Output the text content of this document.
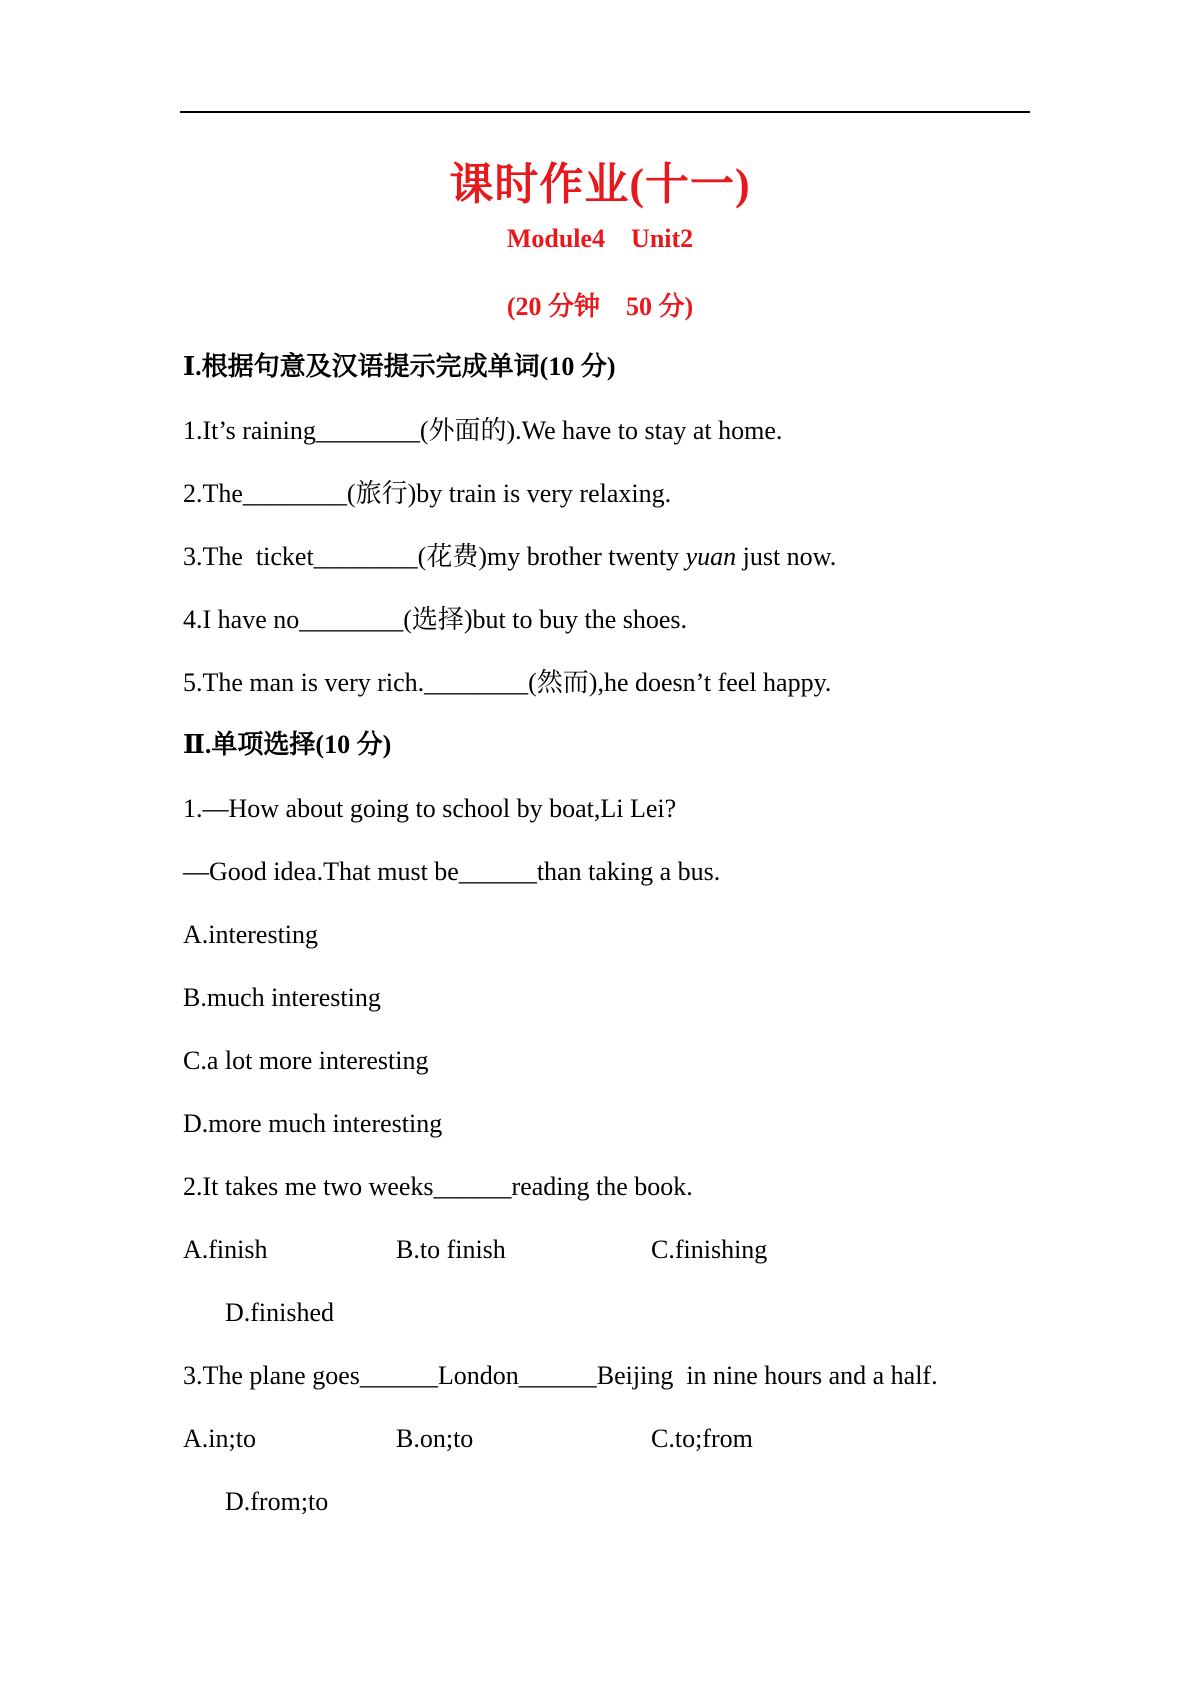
课时作业(十一)
Module4    Unit2
(20 分钟    50 分)
Ⅰ.根据句意及汉语提示完成单词(10 分)
1.It’s raining________(外面的).We have to stay at home.
2.The________(旅行)by train is very relaxing.
3.The  ticket________(花费)my brother twenty yuan just now.
4.I have no________(选择)but to buy the shoes.
5.The man is very rich.________(然而),he doesn’t feel happy.
Ⅱ.单项选择(10 分)
1.—How about going to school by boat,Li Lei?
—Good idea.That must be______than taking a bus.
A.interesting
B.much interesting
C.a lot more interesting
D.more much interesting
2.It takes me two weeks______reading the book.
A.finish	B.to finish	C.finishing
D.finished
3.The plane goes______London______Beijing  in nine hours and a half.
A.in;to	B.on;to	C.to;from
D.from;to
